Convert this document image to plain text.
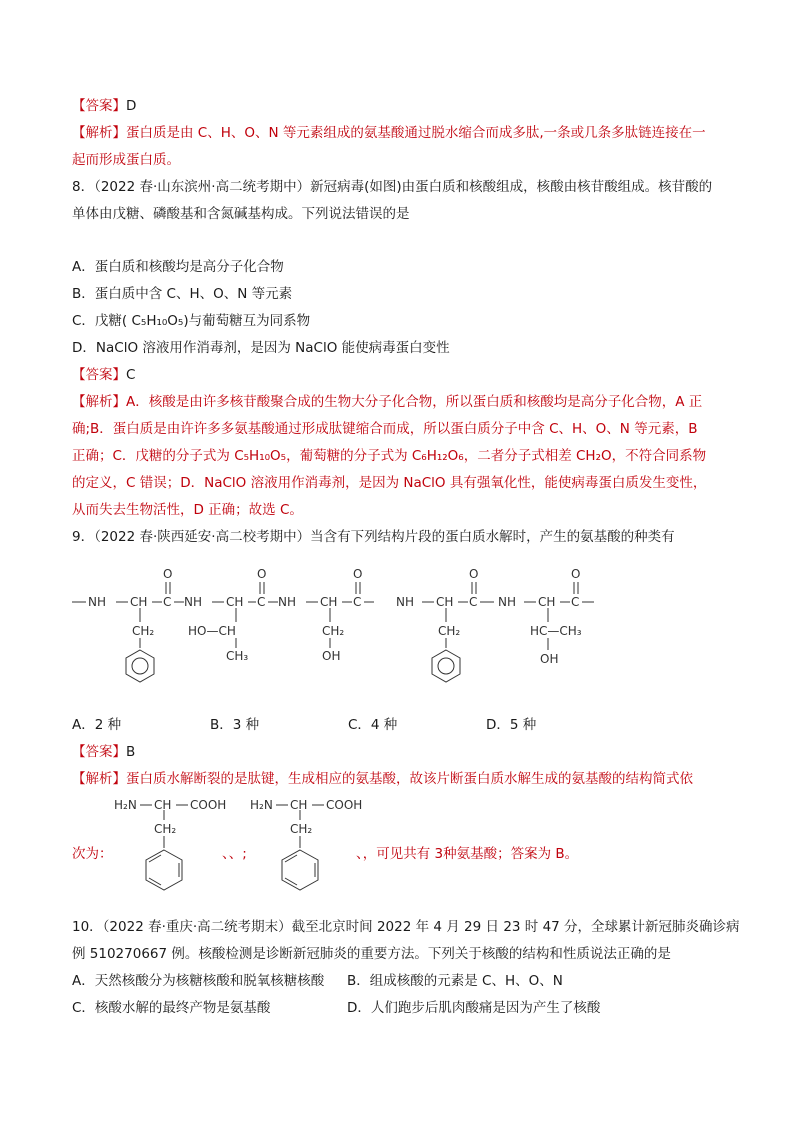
【答案】D
【解析】蛋白质是由 C、H、O、N 等元素组成的氨基酸通过脱水缩合而成多肽,一条或几条多肽链连接在一
起而形成蛋白质。
8．（2022 春·山东滨州·高二统考期中）新冠病毒(如图)由蛋白质和核酸组成，核酸由核苷酸组成。核苷酸的
单体由戊糖、磷酸基和含氮碱基构成。下列说法错误的是
A．蛋白质和核酸均是高分子化合物
B．蛋白质中含 C、H、O、N 等元素
C．戊糖( C₅H₁₀O₅)与葡萄糖互为同系物
D．NaClO 溶液用作消毒剂，是因为 NaClO 能使病毒蛋白变性
【答案】C
【解析】A．核酸是由许多核苷酸聚合成的生物大分子化合物，所以蛋白质和核酸均是高分子化合物，A 正
确;B．蛋白质是由许许多多氨基酸通过形成肽键缩合而成，所以蛋白质分子中含 C、H、O、N 等元素，B
正确；C．戊糖的分子式为 C₅H₁₀O₅，葡萄糖的分子式为 C₆H₁₂O₆，二者分子式相差 CH₂O，不符合同系物
的定义，C 错误；D．NaClO 溶液用作消毒剂，是因为 NaClO 具有强氧化性，能使病毒蛋白质发生变性，
从而失去生物活性，D 正确；故选 C。
9．（2022 春·陕西延安·高二校考期中）当含有下列结构片段的蛋白质水解时，产生的氨基酸的种类有
NH CH C
O
NH CH C
O
NH CH C
O
CH₂	HO—CH
CH₃
CH₂
OH
NH CH C
O
NH CH C
O
CH₂	HC—CH₃
OH
A．2 种	B．3 种	C．4 种	D．5 种
【答案】B
【解析】蛋白质水解断裂的是肽键，生成相应的氨基酸，故该片断蛋白质水解生成的氨基酸的结构简式依
H₂N CH COOH
CH₂
H₂N CH COOH
CH₂
次为：	、、;	、，可见共有 3种氨基酸；答案为 B。
10．（2022 春·重庆·高二统考期末）截至北京时间 2022 年 4 月 29 日 23 时 47 分，全球累计新冠肺炎确诊病
例 510270667 例。核酸检测是诊断新冠肺炎的重要方法。下列关于核酸的结构和性质说法正确的是
A．天然核酸分为核糖核酸和脱氧核糖核酸 B．组成核酸的元素是 C、H、O、N
C．核酸水解的最终产物是氨基酸	D．人们跑步后肌肉酸痛是因为产生了核酸
